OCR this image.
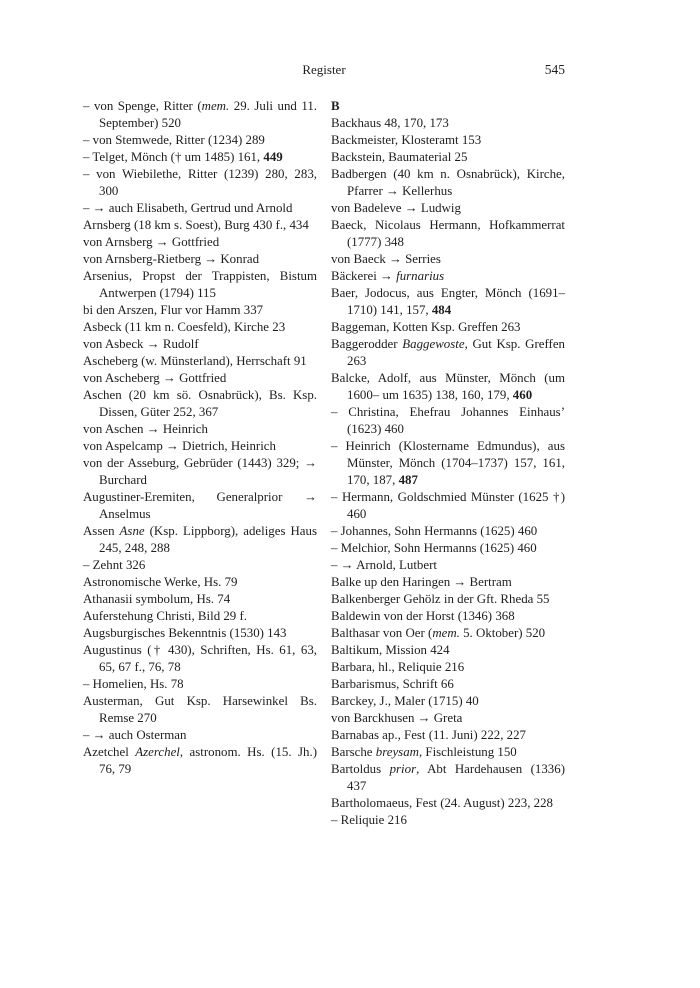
Register	545
– von Spenge, Ritter (mem. 29. Juli und 11. September) 520
– von Stemwede, Ritter (1234) 289
– Telget, Mönch († um 1485) 161, 449
– von Wiebilethe, Ritter (1239) 280, 283, 300
– → auch Elisabeth, Gertrud und Arnold
Arnsberg (18 km s. Soest), Burg 430 f., 434
von Arnsberg → Gottfried
von Arnsberg-Rietberg → Konrad
Arsenius, Propst der Trappisten, Bistum Antwerpen (1794) 115
bi den Arszen, Flur vor Hamm 337
Asbeck (11 km n. Coesfeld), Kirche 23
von Asbeck → Rudolf
Ascheberg (w. Münsterland), Herrschaft 91
von Ascheberg → Gottfried
Aschen (20 km sö. Osnabrück), Bs. Ksp. Dissen, Güter 252, 367
von Aschen → Heinrich
von Aspelcamp → Dietrich, Heinrich
von der Asseburg, Gebrüder (1443) 329; → Burchard
Augustiner-Eremiten, Generalprior → Anselmus
Assen Asne (Ksp. Lippborg), adeliges Haus 245, 248, 288
– Zehnt 326
Astronomische Werke, Hs. 79
Athanasii symbolum, Hs. 74
Auferstehung Christi, Bild 29 f.
Augsburgisches Bekenntnis (1530) 143
Augustinus († 430), Schriften, Hs. 61, 63, 65, 67 f., 76, 78
– Homelien, Hs. 78
Austerman, Gut Ksp. Harsewinkel Bs. Remse 270
– → auch Osterman
Azetchel Azerchel, astronom. Hs. (15. Jh.) 76, 79
B
Backhaus 48, 170, 173
Backmeister, Klosteramt 153
Backstein, Baumaterial 25
Badbergen (40 km n. Osnabrück), Kirche, Pfarrer → Kellerhus
von Badeleve → Ludwig
Baeck, Nicolaus Hermann, Hofkammerrat (1777) 348
von Baeck → Serries
Bäckerei → furnarius
Baer, Jodocus, aus Engter, Mönch (1691–1710) 141, 157, 484
Baggeman, Kotten Ksp. Greffen 263
Baggerodder Baggewoste, Gut Ksp. Greffen 263
Balcke, Adolf, aus Münster, Mönch (um 1600– um 1635) 138, 160, 179, 460
– Christina, Ehefrau Johannes Einhaus’ (1623) 460
– Heinrich (Klostername Edmundus), aus Münster, Mönch (1704–1737) 157, 161, 170, 187, 487
– Hermann, Goldschmied Münster (1625 †) 460
– Johannes, Sohn Hermanns (1625) 460
– Melchior, Sohn Hermanns (1625) 460
– → Arnold, Lutbert
Balke up den Haringen → Bertram
Balkenberger Gehölz in der Gft. Rheda 55
Baldewin von der Horst (1346) 368
Balthasar von Oer (mem. 5. Oktober) 520
Baltikum, Mission 424
Barbara, hl., Reliquie 216
Barbarismus, Schrift 66
Barckey, J., Maler (1715) 40
von Barckhusen → Greta
Barnabas ap., Fest (11. Juni) 222, 227
Barsche breysam, Fischleistung 150
Bartoldus prior, Abt Hardehausen (1336) 437
Bartholomaeus, Fest (24. August) 223, 228
– Reliquie 216
